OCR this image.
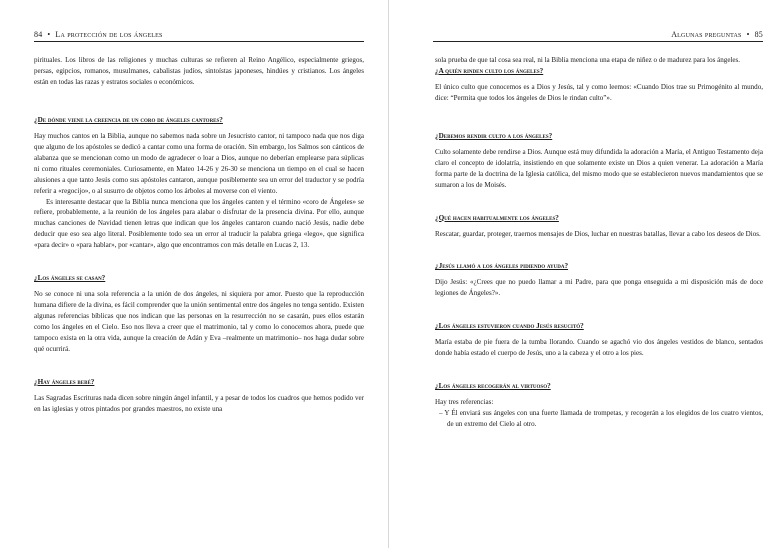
84 • La protección de los ángeles

pirituales. Los libros de las religiones y muchas culturas se refieren al Reino Angélico, especialmente griegos, persas, egipcios, romanos, musulmanes, cabalistas judíos, sintoístas japoneses, hindúes y cristianos. Los ángeles están en todas las razas y estratos sociales o económicos.

¿De dónde viene la creencia de un coro de ángeles cantores?

Hay muchos cantos en la Biblia, aunque no sabemos nada sobre un Jesucristo cantor, ni tampoco nada que nos diga que alguno de los apóstoles se dedicó a cantar como una forma de oración. Sin embargo, los Salmos son cánticos de alabanza que se mencionan como un modo de agradecer o loar a Dios, aunque no deberían emplearse para súplicas ni como rituales ceremoniales. Curiosamente, en Mateo 14-26 y 26-30 se menciona un tiempo en el cual se hacen alusiones a que tanto Jesús como sus apóstoles cantaron, aunque posiblemente sea un error del traductor y se podría referir a «regocijo», o al susurro de objetos como los árboles al moverse con el viento.

Es interesante destacar que la Biblia nunca menciona que los ángeles canten y el término «coro de Ángeles» se refiere, probablemente, a la reunión de los ángeles para alabar o disfrutar de la presencia divina. Por ello, aunque muchas canciones de Navidad tienen letras que indican que los ángeles cantaron cuando nació Jesús, nadie debe deducir que eso sea algo literal. Posiblemente todo sea un error al traducir la palabra griega «lego», que significa «para decir» o «para hablar», por «cantar», algo que encontramos con más detalle en Lucas 2, 13.

¿Los ángeles se casan?

No se conoce ni una sola referencia a la unión de dos ángeles, ni siquiera por amor. Puesto que la reproducción humana difiere de la divina, es fácil comprender que la unión sentimental entre dos ángeles no tenga sentido. Existen algunas referencias bíblicas que nos indican que las personas en la resurrección no se casarán, pues ellos estarán como los ángeles en el Cielo. Eso nos lleva a creer que el matrimonio, tal y como lo conocemos ahora, puede que tampoco exista en la otra vida, aunque la creación de Adán y Eva –realmente un matrimonio– nos haga dudar sobre qué ocurrirá.

¿Hay ángeles bebé?

Las Sagradas Escrituras nada dicen sobre ningún ángel infantil, y a pesar de todos los cuadros que hemos podido ver en las iglesias y otros pintados por grandes maestros, no existe una

Algunas preguntas • 85

sola prueba de que tal cosa sea real, ni la Biblia menciona una etapa de niñez o de madurez para los ángeles.

¿A quién rinden culto los ángeles?

El único culto que conocemos es a Dios y Jesús, tal y como leemos: «Cuando Dios trae su Primogénito al mundo, dice: “Permita que todos los ángeles de Dios le rindan culto”».

¿Debemos rendir culto a los ángeles?

Culto solamente debe rendirse a Dios. Aunque está muy difundida la adoración a María, el Antiguo Testamento deja claro el concepto de idolatría, insistiendo en que solamente existe un Dios a quien venerar. La adoración a María forma parte de la doctrina de la Iglesia católica, del mismo modo que se establecieron nuevos mandamientos que se sumaron a los de Moisés.

¿Qué hacen habitualmente los ángeles?

Rescatar, guardar, proteger, traernos mensajes de Dios, luchar en nuestras batallas, llevar a cabo los deseos de Dios.

¿Jesús llamó a los ángeles pidiendo ayuda?

Dijo Jesús: «¿Crees que no puedo llamar a mi Padre, para que ponga enseguida a mi disposición más de doce legiones de Ángeles?».

¿Los ángeles estuvieron cuando Jesús resucitó?

María estaba de pie fuera de la tumba llorando. Cuando se agachó vio dos ángeles vestidos de blanco, sentados donde había estado el cuerpo de Jesús, uno a la cabeza y el otro a los pies.

¿Los ángeles recogerán al virtuoso?

Hay tres referencias:

– Y Él enviará sus ángeles con una fuerte llamada de trompetas, y recogerán a los elegidos de los cuatro vientos, de un extremo del Cielo al otro.
